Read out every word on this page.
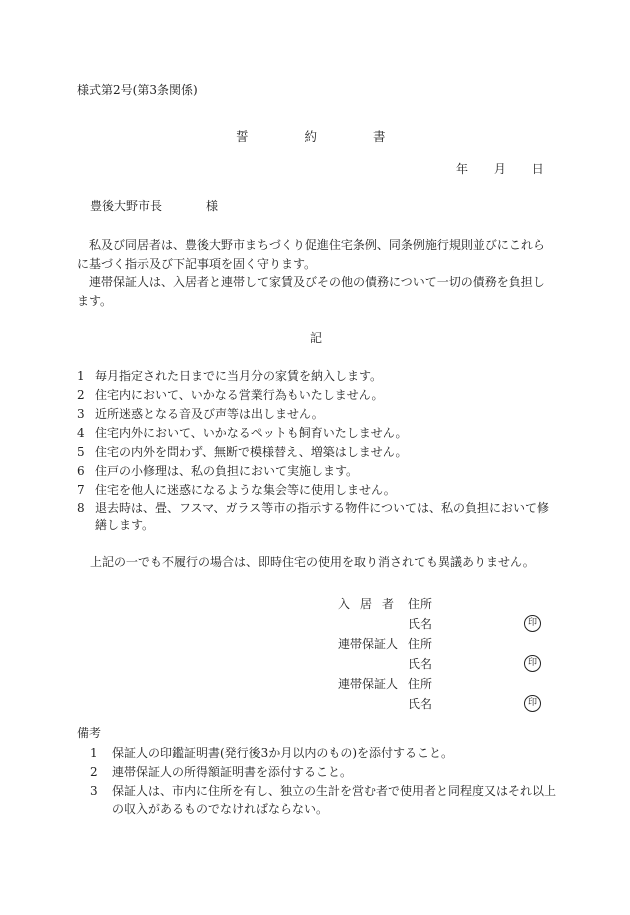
様式第2号(第3条関係)
誓約書
年 月 日
豊後大野市長	様
私及び同居者は、豊後大野市まちづくり促進住宅条例、同条例施行規則並びにこれらに基づく指示及び下記事項を固く守ります。
連帯保証人は、入居者と連帯して家賃及びその他の債務について一切の債務を負担します。
記
1 毎月指定された日までに当月分の家賃を納入します。
2 住宅内において、いかなる営業行為もいたしません。
3 近所迷惑となる音及び声等は出しません。
4 住宅内外において、いかなるペットも飼育いたしません。
5 住宅の内外を問わず、無断で模様替え、増築はしません。
6 住戸の小修理は、私の負担において実施します。
7 住宅を他人に迷惑になるような集会等に使用しません。
8 退去時は、畳、フスマ、ガラス等市の指示する物件については、私の負担において修繕します。
上記の一でも不履行の場合は、即時住宅の使用を取り消されても異議ありません。
入居者 住所
氏名	印
連帯保証人 住所
氏名	印
連帯保証人 住所
氏名	印
備考
1	保証人の印鑑証明書(発行後3か月以内のもの)を添付すること。
2	連帯保証人の所得額証明書を添付すること。
3	保証人は、市内に住所を有し、独立の生計を営む者で使用者と同程度又はそれ以上の収入があるものでなければならない。
